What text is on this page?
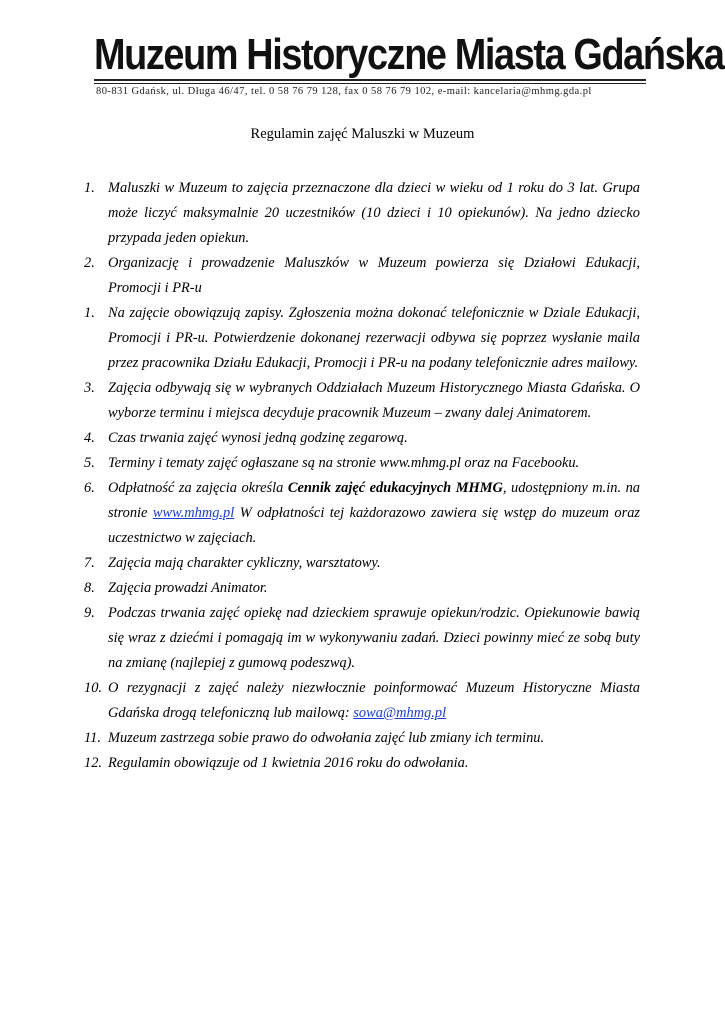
Muzeum Historyczne Miasta Gdańska
80-831 Gdańsk, ul. Długa 46/47, tel. 0 58 76 79 128, fax 0 58 76 79 102, e-mail: kancelaria@mhmg.gda.pl
Regulamin zajęć Maluszki w Muzeum
1. Maluszki w Muzeum to zajęcia przeznaczone dla dzieci w wieku od 1 roku do 3 lat. Grupa może liczyć maksymalnie 20 uczestników (10 dzieci i 10 opiekunów). Na jedno dziecko przypada jeden opiekun.
2. Organizację i prowadzenie Maluszków w Muzeum powierza się Działowi Edukacji, Promocji i PR-u
1. Na zajęcie obowiązują zapisy. Zgłoszenia można dokonać telefonicznie w Dziale Edukacji, Promocji i PR-u. Potwierdzenie dokonanej rezerwacji odbywa się poprzez wysłanie maila przez pracownika Działu Edukacji, Promocji i PR-u na podany telefonicznie adres mailowy.
3. Zajęcia odbywają się w wybranych Oddziałach Muzeum Historycznego Miasta Gdańska. O wyborze terminu i miejsca decyduje pracownik Muzeum – zwany dalej Animatorem.
4. Czas trwania zajęć wynosi jedną godzinę zegarową.
5. Terminy i tematy zajęć ogłaszane są na stronie www.mhmg.pl oraz na Facebooku.
6. Odpłatność za zajęcia określa Cennik zajęć edukacyjnych MHMG, udostępniony m.in. na stronie www.mhmg.pl W odpłatności tej każdorazowo zawiera się wstęp do muzeum oraz uczestnictwo w zajęciach.
7. Zajęcia mają charakter cykliczny, warsztatowy.
8. Zajęcia prowadzi Animator.
9. Podczas trwania zajęć opiekę nad dzieckiem sprawuje opiekun/rodzic. Opiekunowie bawią się wraz z dziećmi i pomagają im w wykonywaniu zadań. Dzieci powinny mieć ze sobą buty na zmianę (najlepiej z gumową podeszwą).
10. O rezygnacji z zajęć należy niezwłocznie poinformować Muzeum Historyczne Miasta Gdańska drogą telefoniczną lub mailową: sowa@mhmg.pl
11. Muzeum zastrzega sobie prawo do odwołania zajęć lub zmiany ich terminu.
12. Regulamin obowiązuje od 1 kwietnia 2016 roku do odwołania.
